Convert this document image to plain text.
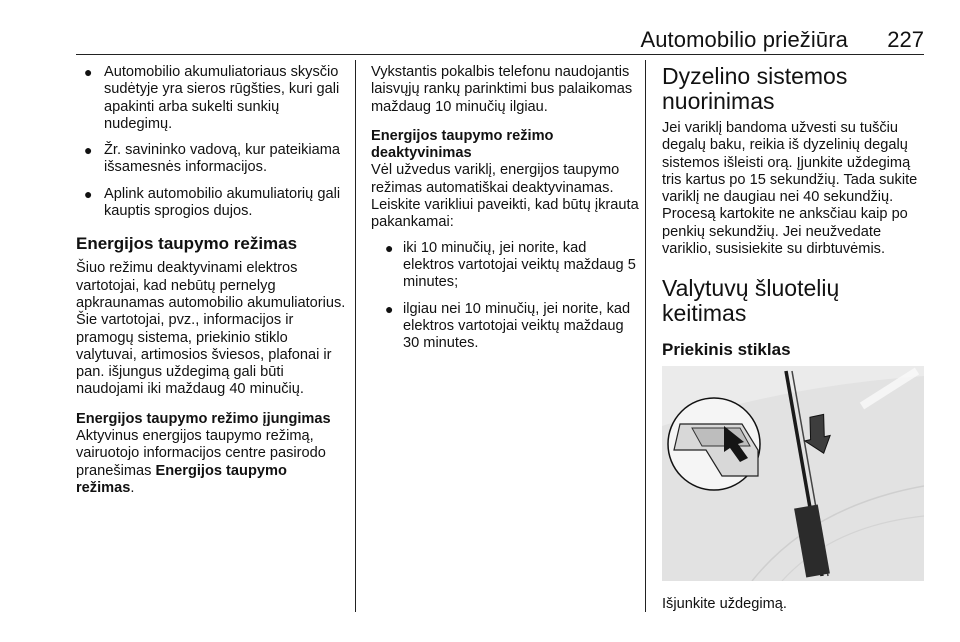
Automobilio priežiūra 227
● Automobilio akumuliatoriaus skysčio sudėtyje yra sieros rūgšties, kuri gali apakinti arba sukelti sunkių nudegimų.
● Žr. savininko vadovą, kur pateikiama išsamesnės informacijos.
● Aplink automobilio akumuliatorių gali kauptis sprogios dujos.
Energijos taupymo režimas
Šiuo režimu deaktyvinami elektros vartotojai, kad nebūtų pernelyg apkraunamas automobilio akumuliatorius. Šie vartotojai, pvz., informacijos ir pramogų sistema, priekinio stiklo valytuvai, artimosios šviesos, plafonai ir pan. išjungus uždegimą gali būti naudojami iki maždaug 40 minučių.
Energijos taupymo režimo įjungimas
Aktyvinus energijos taupymo režimą, vairuotojo informacijos centre pasirodo pranešimas Energijos taupymo režimas.
Vykstantis pokalbis telefonu naudojantis laisvųjų rankų parinktimi bus palaikomas maždaug 10 minučių ilgiau.
Energijos taupymo režimo deaktyvinimas
Vėl užvedus variklį, energijos taupymo režimas automatiškai deaktyvinamas. Leiskite varikliui paveikti, kad būtų įkrauta pakankamai:
● iki 10 minučių, jei norite, kad elektros vartotojai veiktų maždaug 5 minutes;
● ilgiau nei 10 minučių, jei norite, kad elektros vartotojai veiktų maždaug 30 minutes.
Dyzelino sistemos nuorinimas
Jei variklį bandoma užvesti su tuščiu degalų baku, reikia iš dyzelinių degalų sistemos išleisti orą. Įjunkite uždegimą tris kartus po 15 sekundžių. Tada sukite variklį ne daugiau nei 40 sekundžių. Procesą kartokite ne anksčiau kaip po penkių sekundžių. Jei neužvedate variklio, susisiekite su dirbtuvėmis.
Valytuvų šluotelių keitimas
Priekinis stiklas
Išjunkite uždegimą.
